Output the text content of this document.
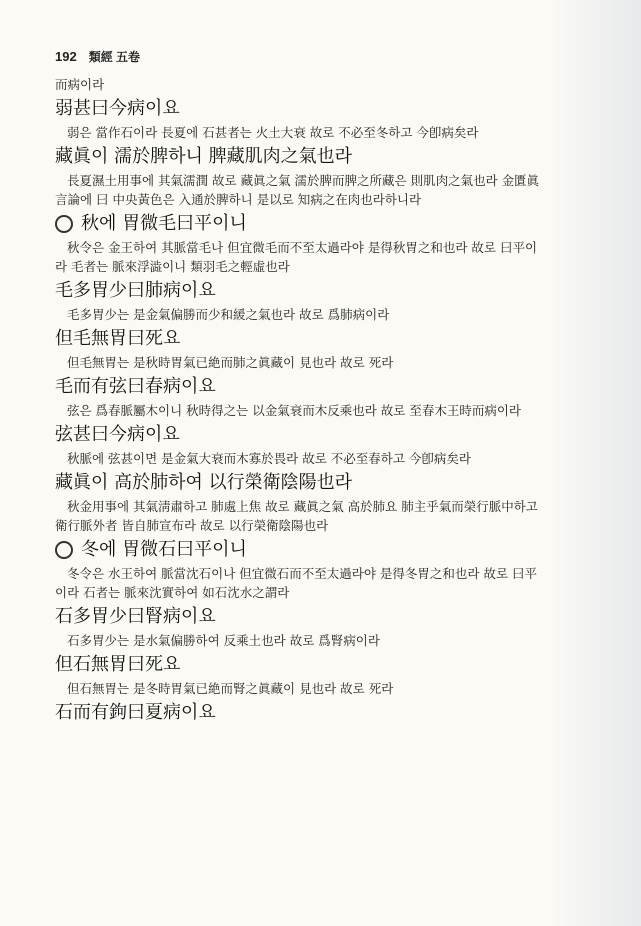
192 類經 五卷

而病이라

弱甚曰今病이요

弱은 當作石이라 長夏에 石甚者는 火土大衰 故로 不必至冬하고 今卽病矣라

藏眞이 濡於脾하니 脾藏肌肉之氣也라

長夏濕土用事에 其氣濡潤 故로 藏眞之氣 濡於脾而脾之所藏은 則肌肉之氣也라 金匱眞

言論에 曰 中央黃色은 入通於脾하니 是以로 知病之在肉也라하니라

秋에 胃微毛曰平이니

秋令은 金王하여 其脈當毛나 但宜微毛而不至太過라야 是得秋胃之和也라 故로 曰平이

라 毛者는 脈來浮澁이니 類羽毛之輕虛也라

毛多胃少曰肺病이요

毛多胃少는 是金氣偏勝而少和緩之氣也라 故로 爲肺病이라

但毛無胃曰死요

但毛無胃는 是秋時胃氣已絶而肺之眞藏이 見也라 故로 死라

毛而有弦曰春病이요

弦은 爲春脈屬木이니 秋時得之는 以金氣衰而木反乘也라 故로 至春木王時而病이라

弦甚曰今病이요

秋脈에 弦甚이면 是金氣大衰而木寡於畏라 故로 不必至春하고 今卽病矣라

藏眞이 高於肺하여 以行榮衛陰陽也라

秋金用事에 其氣淸肅하고 肺處上焦 故로 藏眞之氣 高於肺요 肺主乎氣而榮行脈中하고

衛行脈外者 皆自肺宣布라 故로 以行榮衛陰陽也라

冬에 胃微石曰平이니

冬令은 水王하여 脈當沈石이나 但宜微石而不至太過라야 是得冬胃之和也라 故로 曰平

이라 石者는 脈來沈實하여 如石沈水之謂라

石多胃少曰腎病이요

石多胃少는 是水氣偏勝하여 反乘土也라 故로 爲腎病이라

但石無胃曰死요

但石無胃는 是冬時胃氣已絶而腎之眞藏이 見也라 故로 死라

石而有鉤曰夏病이요
